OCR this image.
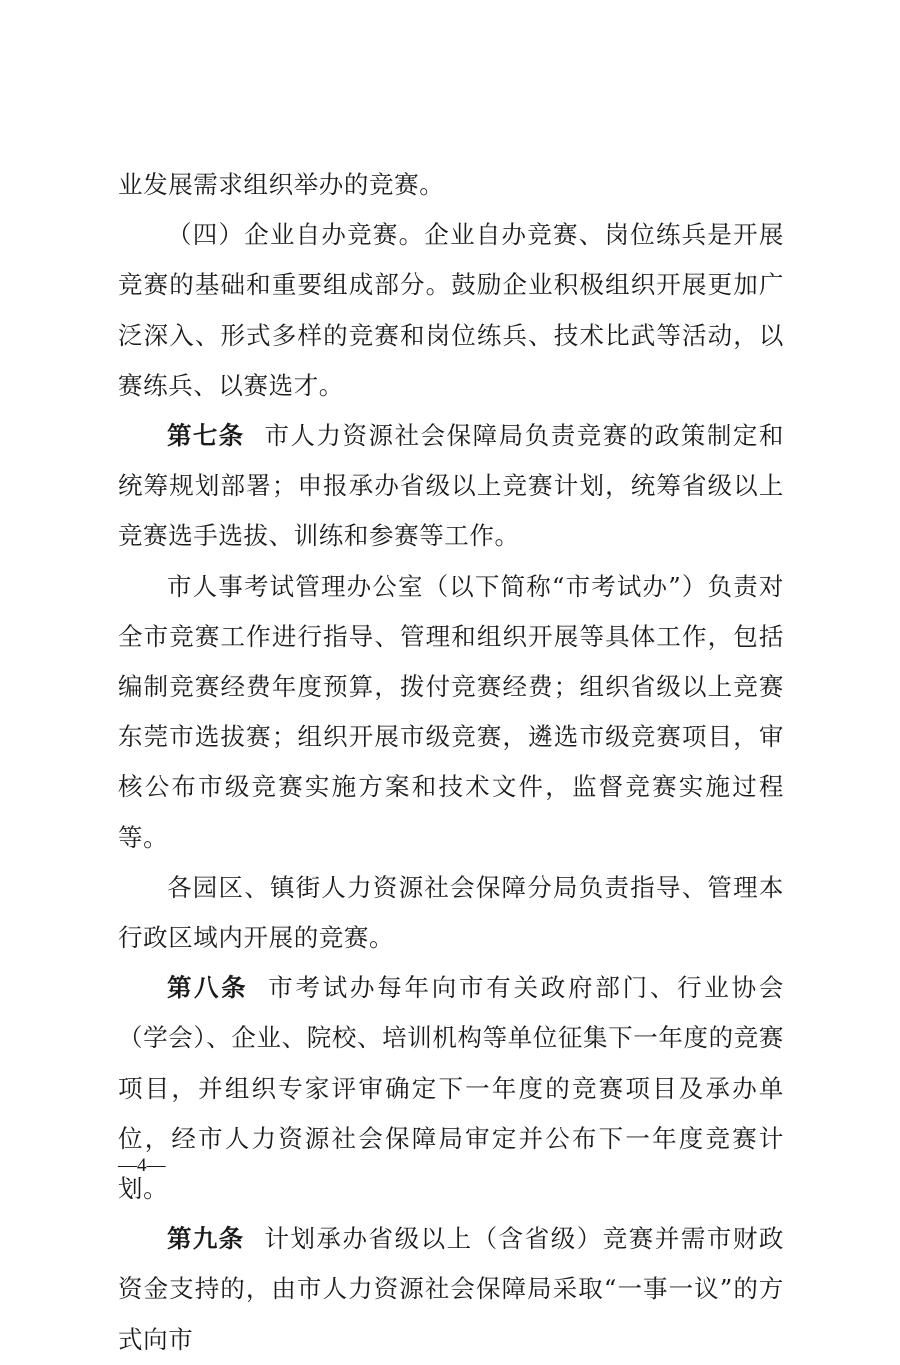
业发展需求组织举办的竞赛。

（四）企业自办竞赛。企业自办竞赛、岗位练兵是开展竞赛的基础和重要组成部分。鼓励企业积极组织开展更加广泛深入、形式多样的竞赛和岗位练兵、技术比武等活动，以赛练兵、以赛选才。

第七条 市人力资源社会保障局负责竞赛的政策制定和统筹规划部署；申报承办省级以上竞赛计划，统筹省级以上竞赛选手选拔、训练和参赛等工作。

市人事考试管理办公室（以下简称“市考试办”）负责对全市竞赛工作进行指导、管理和组织开展等具体工作，包括编制竞赛经费年度预算，拨付竞赛经费；组织省级以上竞赛东莞市选拔赛；组织开展市级竞赛，遴选市级竞赛项目，审核公布市级竞赛实施方案和技术文件，监督竞赛实施过程等。

各园区、镇街人力资源社会保障分局负责指导、管理本行政区域内开展的竞赛。

第八条 市考试办每年向市有关政府部门、行业协会（学会）、企业、院校、培训机构等单位征集下一年度的竞赛项目，并组织专家评审确定下一年度的竞赛项目及承办单位，经市人力资源社会保障局审定并公布下一年度竞赛计划。

第九条 计划承办省级以上（含省级）竞赛并需市财政资金支持的，由市人力资源社会保障局采取“一事一议”的方式向市

—4—
